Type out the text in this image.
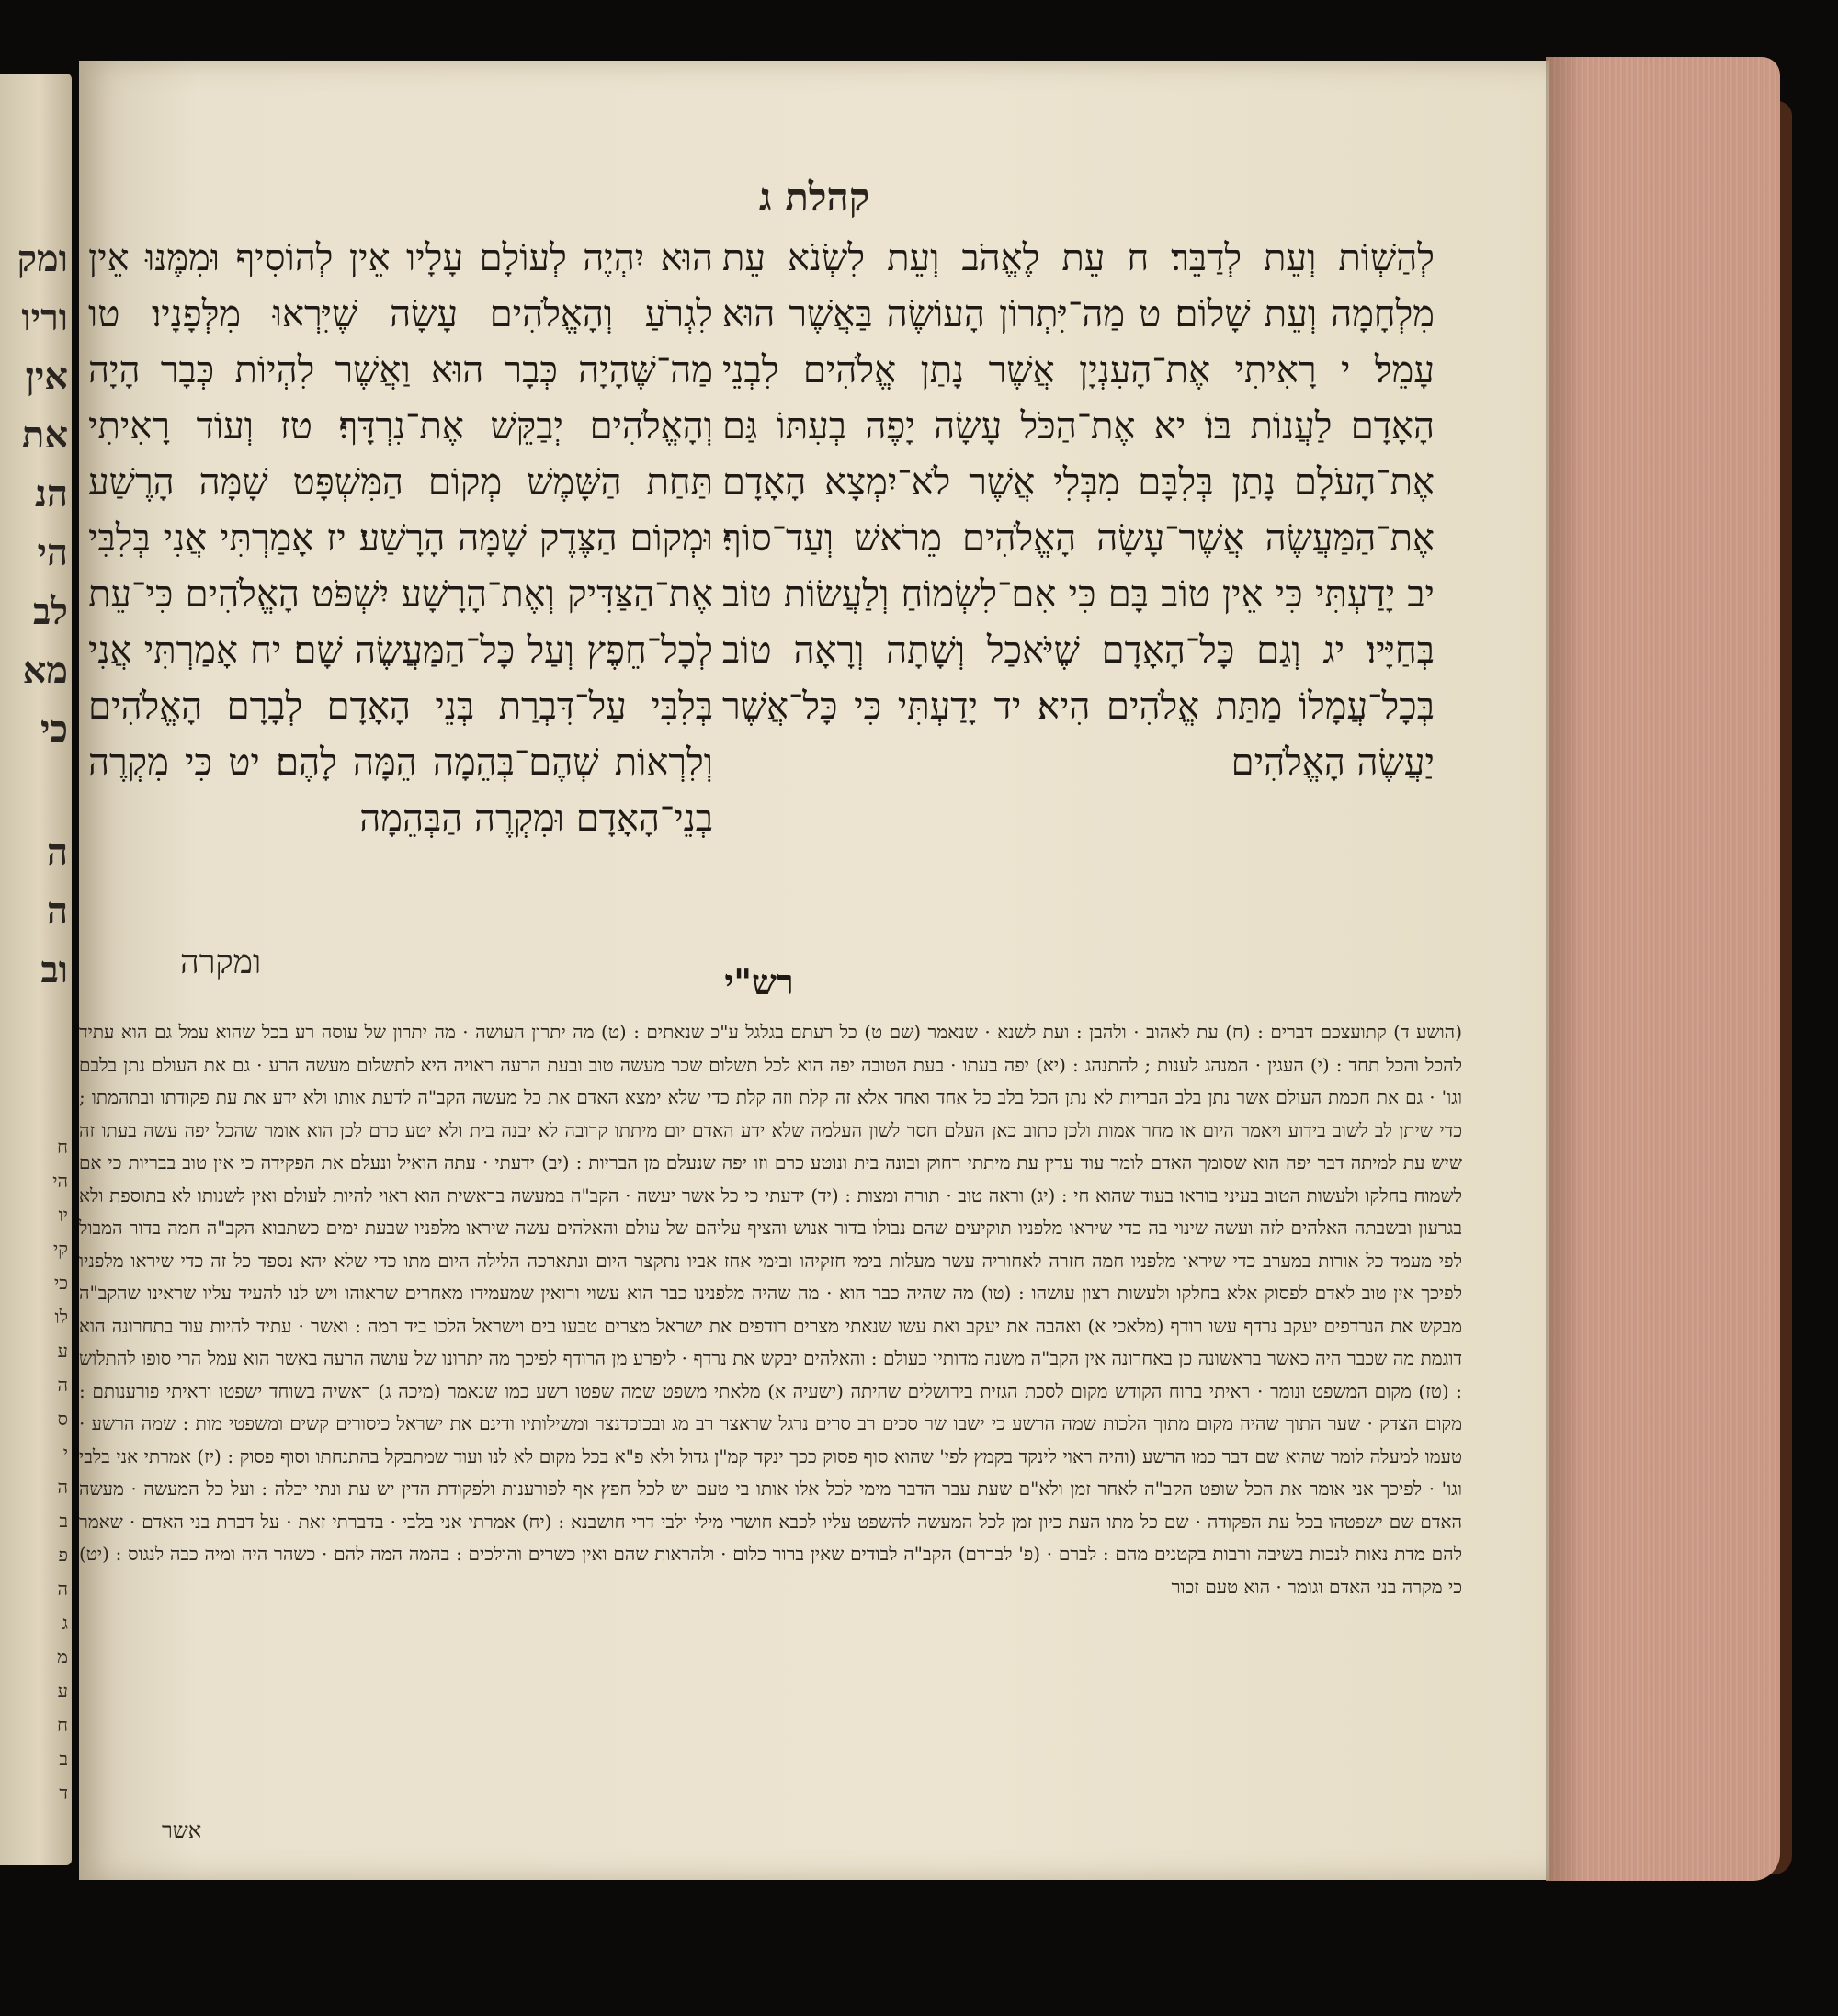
ומק
וריו
אין
את
הנ
הי
לב
מא
כי
ה
ה
וב
ח
הי
יו
קי
כי
לו
ע
ה
ס
י
ה
ב
פ
ה
ג
מ
ע
ח
ב
ד
קהלת ג

לְהַשְׁוֹת וְעֵת לְדַבֵּר׃ ח עֵת לֶאֱהֹב וְעֵת לִשְׂנֹא עֵת מִלְחָמָה וְעֵת שָׁלוֹם׃ ט מַה־יִּתְרוֹן הָעוֹשֶׂה בַּאֲשֶׁר הוּא עָמֵל׃ י רָאִיתִי אֶת־הָעִנְיָן אֲשֶׁר נָתַן אֱלֹהִים לִבְנֵי הָאָדָם לַעֲנוֹת בּוֹ׃ יא אֶת־הַכֹּל עָשָׂה יָפֶה בְעִתּוֹ גַּם אֶת־הָעֹלָם נָתַן בְּלִבָּם מִבְּלִי אֲשֶׁר לֹא־יִמְצָא הָאָדָם אֶת־הַמַּעֲשֶׂה אֲשֶׁר־עָשָׂה הָאֱלֹהִים מֵרֹאשׁ וְעַד־סוֹף׃ יב יָדַעְתִּי כִּי אֵין טוֹב בָּם כִּי אִם־לִשְׂמוֹחַ וְלַעֲשׂוֹת טוֹב בְּחַיָּיו׃ יג וְגַם כָּל־הָאָדָם שֶׁיֹּאכַל וְשָׁתָה וְרָאָה טוֹב בְּכָל־עֲמָלוֹ מַתַּת אֱלֹהִים הִיא׃ יד יָדַעְתִּי כִּי כָּל־אֲשֶׁר יַעֲשֶׂה הָאֱלֹהִים

הוּא יִהְיֶה לְעוֹלָם עָלָיו אֵין לְהוֹסִיף וּמִמֶּנּוּ אֵין לִגְרֹעַ וְהָאֱלֹהִים עָשָׂה שֶׁיִּרְאוּ מִלְּפָנָיו׃ טו מַה־שֶּׁהָיָה כְּבָר הוּא וַאֲשֶׁר לִהְיוֹת כְּבָר הָיָה וְהָאֱלֹהִים יְבַקֵּשׁ אֶת־נִרְדָּף׃ טז וְעוֹד רָאִיתִי תַּחַת הַשָּׁמֶשׁ מְקוֹם הַמִּשְׁפָּט שָׁמָּה הָרֶשַׁע וּמְקוֹם הַצֶּדֶק שָׁמָּה הָרָשַׁע׃ יז אָמַרְתִּי אֲנִי בְּלִבִּי אֶת־הַצַּדִּיק וְאֶת־הָרָשָׁע יִשְׁפֹּט הָאֱלֹהִים כִּי־עֵת לְכָל־חֵפֶץ וְעַל כָּל־הַמַּעֲשֶׂה שָׁם׃ יח אָמַרְתִּי אֲנִי בְּלִבִּי עַל־דִּבְרַת בְּנֵי הָאָדָם לְבָרָם הָאֱלֹהִים וְלִרְאוֹת שְׁהֶם־בְּהֵמָה הֵמָּה לָהֶם׃ יט כִּי מִקְרֶה בְנֵי־הָאָדָם וּמִקְרֶה הַבְּהֵמָה

ומקרה	רש"י

(הושע ד) קתועצכם דברים : (ח) עת לאהוב · ולהבן : ועת לשנא · שנאמר (שם ט) כל רעתם בגלגל ע"כ שנאתים : (ט) מה יתרון העושה · מה יתרון של עוסה רע בכל שהוא עמל גם הוא עתיד להכל והכל תחד : (י) העגין · המנהג לענות ; להתנהג : (יא) יפה בעתו · בעת הטובה יפה הוא לכל תשלום שכר מעשה טוב ובעת הרעה ראויה היא לתשלום מעשה הרע · גם את העולם נתן בלבם וגו' · גם את חכמת העולם אשר נתן בלב הבריות לא נתן הכל בלב כל אחד ואחד אלא זה קלת וזה קלת כדי שלא ימצא האדם את כל מעשה הקב"ה לדעת אותו ולא ידע את עת פקודתו ובתהמתו ; כדי שיתן לב לשוב בידוע ויאמר היום או מחר אמות ולכן כתוב כאן העלם חסר לשון העלמה שלא ידע האדם יום מיתתו קרובה לא יבנה בית ולא יטע כרם לכן הוא אומר שהכל יפה עשה בעתו זה שיש עת למיתה דבר יפה הוא שסומך האדם לומר עוד עדין עת מיתתי רחוק ובונה בית ונוטע כרם וזו יפה שנעלם מן הבריות : (יב) ידעתי · עתה הואיל ונעלם את הפקידה כי אין טוב בבריות כי אם לשמוח בחלקו ולעשות הטוב בעיני בוראו בעוד שהוא חי : (יג) וראה טוב · תורה ומצות : (יד) ידעתי כי כל אשר יעשה · הקב"ה במעשה בראשית הוא ראוי להיות לעולם ואין לשנותו לא בתוספת ולא בגרעון ובשבתה האלהים לזה ועשה שינוי בה כדי שיראו מלפניו תוקיעים שהם נבולו בדור אנוש והציף עליהם של עולם והאלהים עשה שיראו מלפניו שבעת ימים כשתבוא הקב"ה חמה בדור המבול לפי מעמד כל אורות במערב כדי שיראו מלפניו חמה חזרה לאחוריה עשר מעלות בימי חזקיהו ובימי אחז אביו נתקצר היום ונתארכה הלילה היום מתו כדי שלא יהא נספד כל זה כדי שיראו מלפניו לפיכך אין טוב לאדם לפסוק אלא בחלקו ולעשות רצון עושהו : (טו) מה שהיה כבר הוא · מה שהיה מלפנינו כבר הוא עשוי ורואין שמעמידו מאחרים שראוהו ויש לנו להעיד עליו שראינו שהקב"ה מבקש את הנרדפים יעקב נרדף עשו רודף (מלאכי א) ואהבה את יעקב ואת עשו שנאתי מצרים רודפים את ישראל מצרים טבעו בים וישראל הלכו ביד רמה : ואשר · עתיד להיות עוד בתחרונה הוא דוגמת מה שכבר היה כאשר בראשונה כן באחרונה אין הקב"ה משנה מדותיו כעולם : והאלהים יבקש את נרדף · ליפרע מן הרודף לפיכך מה יתרונו של עושה הרעה באשר הוא עמל הרי סופו להתלוש : (טז) מקום המשפט ונומר · ראיתי ברוח הקודש מקום לסכת הגזית בירושלים שהיתה (ישעיה א) מלאתי משפט שמה שפטו רשע כמו שנאמר (מיכה ג) ראשיה בשוחד ישפטו וראיתי פורענותם : מקום הצדק · שער התוך שהיה מקום מתוך הלכות שמה הרשע כי ישבו שר סכים רב סרים נרגל שראצר רב מג ובכוכדנצר ומשילותיו ודינם את ישראל כיסורים קשים ומשפטי מות : שמה הרשע · טעמו למעלה לומר שהוא שם דבר כמו הרשע (והיה ראוי לינקד בקמץ לפי' שהוא סוף פסוק ככך ינקד קמ"ן גדול ולא פ"א בכל מקום לא לנו ועוד שמתבקל בהתנחתו וסוף פסוק : (יז) אמרתי אני בלבי וגו' · לפיכך אני אומר את הכל שופט הקב"ה לאחר זמן ולא"ם שעת עבר הדבר מימי לכל אלו אותו בי טעם יש לכל חפץ אף לפורענות ולפקודת הדין יש עת ונתי יכלה : ועל כל המעשה · מעשה האדם שם ישפטהו בכל עת הפקודה · שם כל מתו העת כיון זמן לכל המעשה להשפט עליו לכבא חושרי מילי ולבי דרי חושבנא : (יח) אמרתי אני בלבי · בדברתי זאת · על דברת בני האדם · שאמר להם מדת נאות לנכות בשיבה ורבות בקטנים מהם : לברם · (פ' לבררם) הקב"ה לבודים שאין ברור כלום · ולהראות שהם ואין כשרים והולכים : בהמה המה להם · כשהר היה ומיה כבה לנגוס : (יט) כי מקרה בני האדם וגומר · הוא טעם זכור

אשר
